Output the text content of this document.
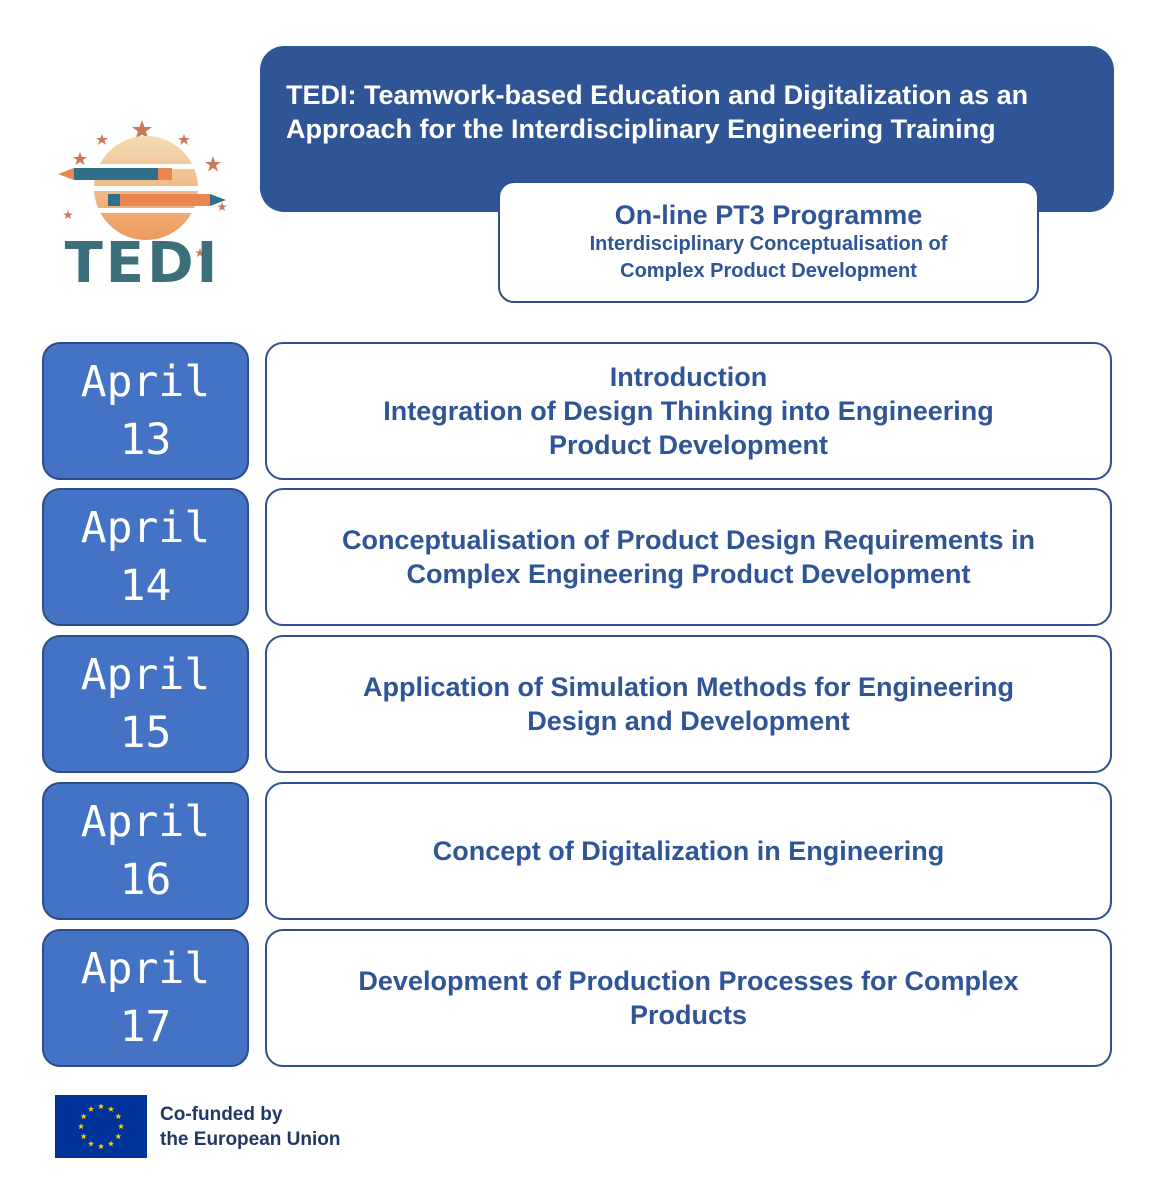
TEDI

TEDI: Teamwork-based Education and Digitalization as an Approach for the Interdisciplinary Engineering Training

On-line PT3 Programme
Interdisciplinary Conceptualisation of
Complex Product Development
April
13
Introduction
Integration of Design Thinking into Engineering
Product Development
April
14
Conceptualisation of Product Design Requirements in
Complex Engineering Product Development
April
15
Application of Simulation Methods for Engineering
Design and Development
April
16
Concept of Digitalization in Engineering
April
17
Development of Production Processes for Complex
Products
Co-funded by
the European Union
